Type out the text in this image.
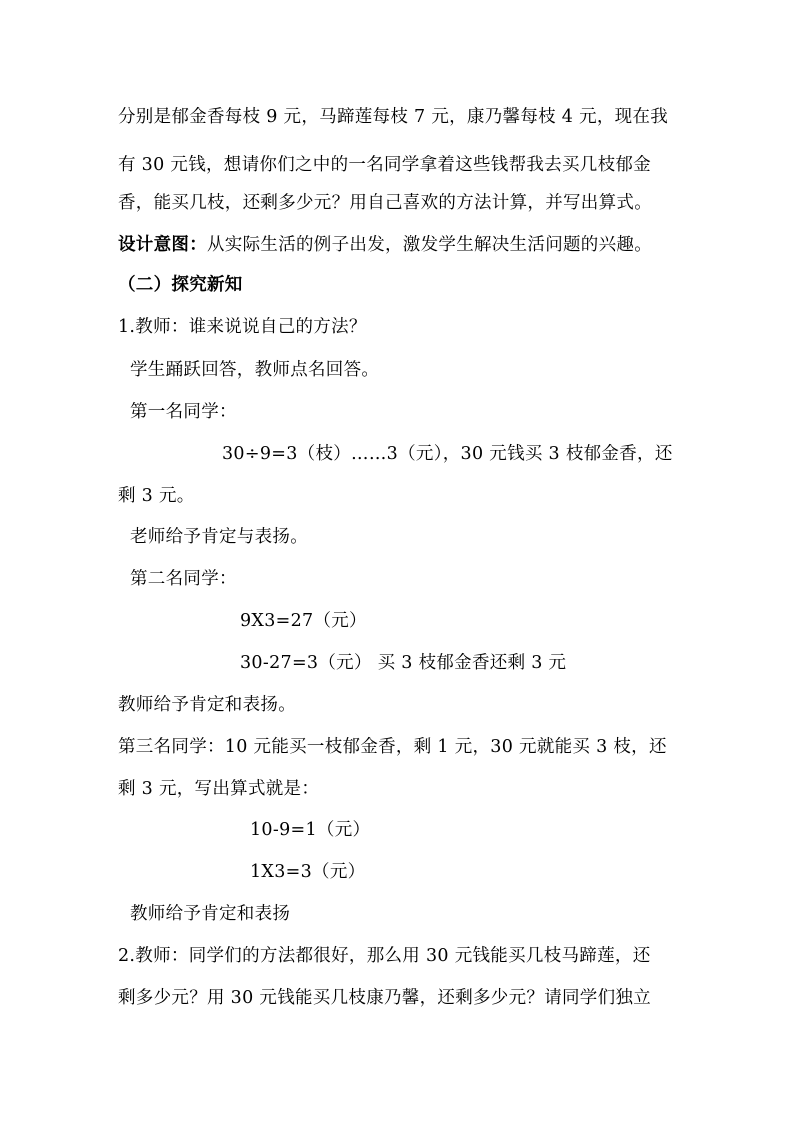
分别是郁金香每枝 9 元，马蹄莲每枝 7 元，康乃馨每枝 4 元，现在我
有 30 元钱，想请你们之中的一名同学拿着这些钱帮我去买几枝郁金
香，能买几枝，还剩多少元？用自己喜欢的方法计算，并写出算式。
设计意图：从实际生活的例子出发，激发学生解决生活问题的兴趣。
（二）探究新知
1.教师：谁来说说自己的方法？
学生踊跃回答，教师点名回答。
第一名同学：
30÷9=3（枝）……3（元），30 元钱买 3 枝郁金香，还
剩 3 元。
老师给予肯定与表扬。
第二名同学：
9X3=27（元）
30-27=3（元） 买 3 枝郁金香还剩 3 元
教师给予肯定和表扬。
第三名同学：10 元能买一枝郁金香，剩 1 元，30 元就能买 3 枝，还
剩 3 元，写出算式就是：
10-9=1（元）
1X3=3（元）
教师给予肯定和表扬
2.教师：同学们的方法都很好，那么用 30 元钱能买几枝马蹄莲，还
剩多少元？用 30 元钱能买几枝康乃馨，还剩多少元？请同学们独立
